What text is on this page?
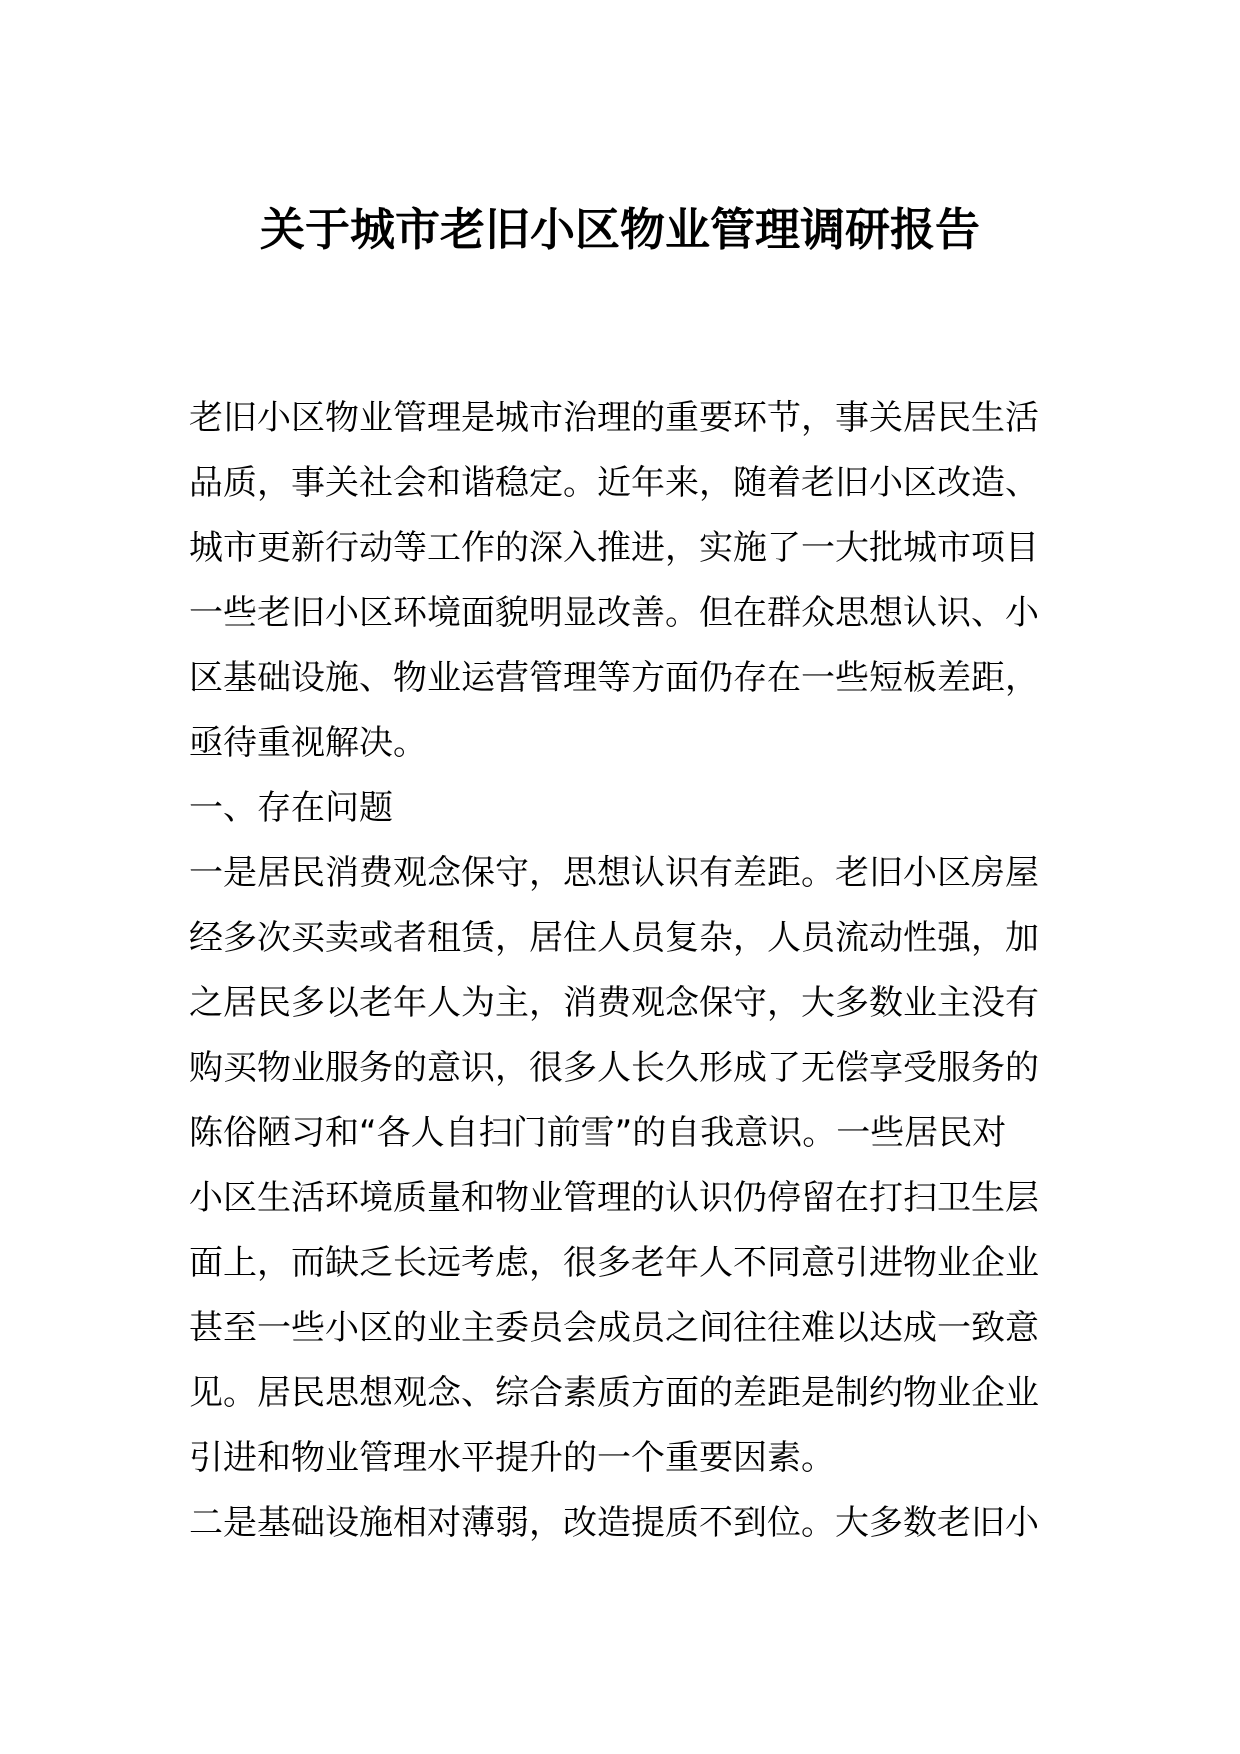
关于城市老旧小区物业管理调研报告
老旧小区物业管理是城市治理的重要环节，事关居民生活
品质，事关社会和谐稳定。近年来，随着老旧小区改造、
城市更新行动等工作的深入推进，实施了一大批城市项目
一些老旧小区环境面貌明显改善。但在群众思想认识、小
区基础设施、物业运营管理等方面仍存在一些短板差距，
亟待重视解决。
一、存在问题
一是居民消费观念保守，思想认识有差距。老旧小区房屋
经多次买卖或者租赁，居住人员复杂，人员流动性强，加
之居民多以老年人为主，消费观念保守，大多数业主没有
购买物业服务的意识，很多人长久形成了无偿享受服务的
陈俗陋习和“各人自扫门前雪”的自我意识。一些居民对
小区生活环境质量和物业管理的认识仍停留在打扫卫生层
面上，而缺乏长远考虑，很多老年人不同意引进物业企业
甚至一些小区的业主委员会成员之间往往难以达成一致意
见。居民思想观念、综合素质方面的差距是制约物业企业
引进和物业管理水平提升的一个重要因素。
二是基础设施相对薄弱，改造提质不到位。大多数老旧小
